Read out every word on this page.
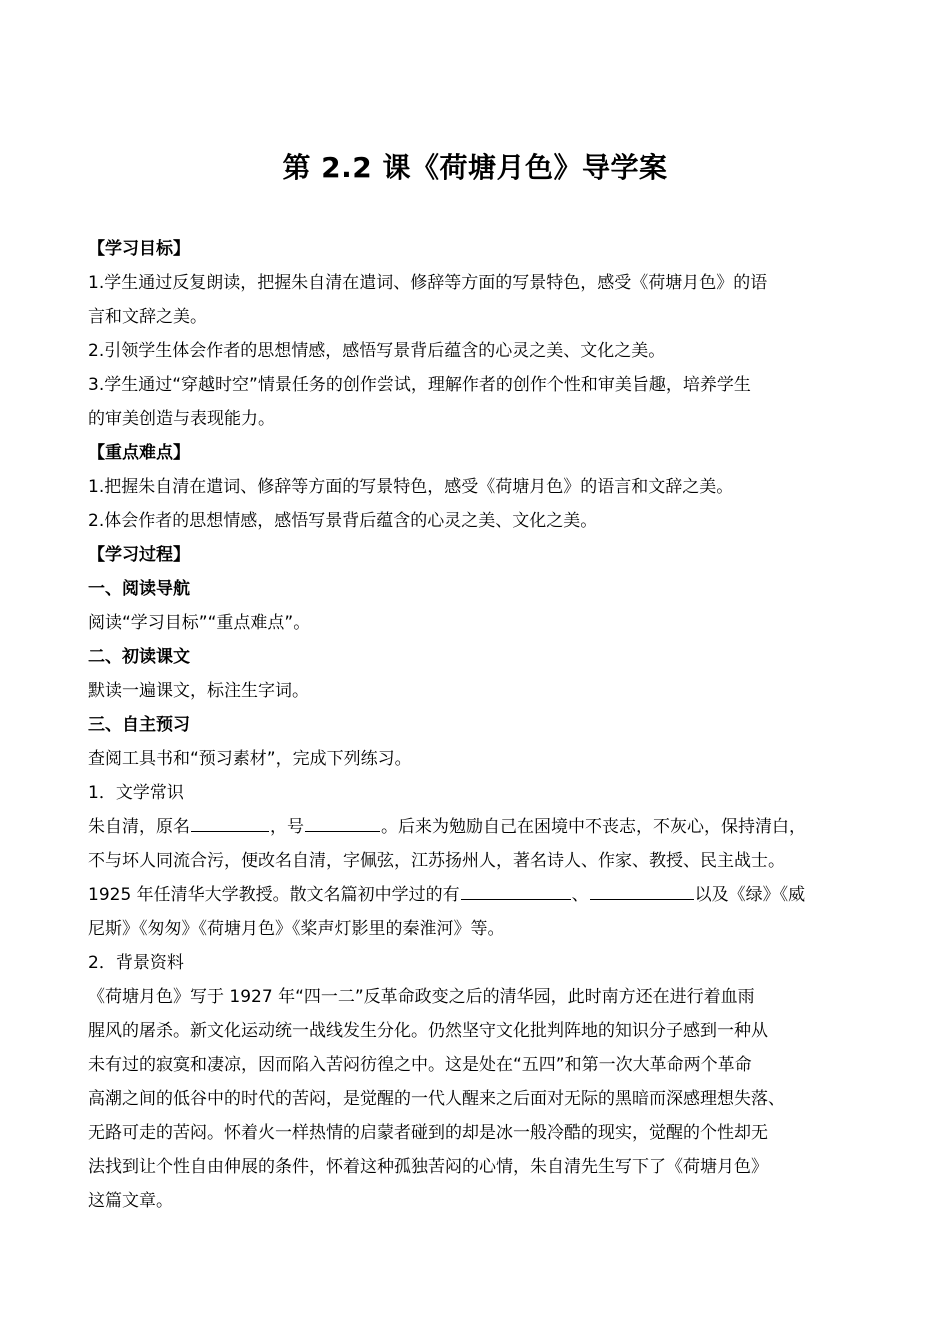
第 2.2 课《荷塘月色》导学案
【学习目标】
1.学生通过反复朗读，把握朱自清在遣词、修辞等方面的写景特色，感受《荷塘月色》的语
言和文辞之美。
2.引领学生体会作者的思想情感，感悟写景背后蕴含的心灵之美、文化之美。
3.学生通过“穿越时空”情景任务的创作尝试，理解作者的创作个性和审美旨趣，培养学生
的审美创造与表现能力。
【重点难点】
1.把握朱自清在遣词、修辞等方面的写景特色，感受《荷塘月色》的语言和文辞之美。
2.体会作者的思想情感，感悟写景背后蕴含的心灵之美、文化之美。
【学习过程】
一、阅读导航
阅读“学习目标”“重点难点”。
二、初读课文
默读一遍课文，标注生字词。
三、自主预习
查阅工具书和“预习素材”，完成下列练习。
1．文学常识
朱自清，原名	，号	。后来为勉励自己在困境中不丧志，不灰心，保持清白，
不与坏人同流合污，便改名自清，字佩弦，江苏扬州人，著名诗人、作家、教授、民主战士。
1925 年任清华大学教授。散文名篇初中学过的有	、	以及《绿》《威
尼斯》《匆匆》《荷塘月色》《桨声灯影里的秦淮河》等。
2．背景资料
《荷塘月色》写于 1927 年“四一二”反革命政变之后的清华园，此时南方还在进行着血雨
腥风的屠杀。新文化运动统一战线发生分化。仍然坚守文化批判阵地的知识分子感到一种从
未有过的寂寞和凄凉，因而陷入苦闷彷徨之中。这是处在“五四”和第一次大革命两个革命
高潮之间的低谷中的时代的苦闷，是觉醒的一代人醒来之后面对无际的黑暗而深感理想失落、
无路可走的苦闷。怀着火一样热情的启蒙者碰到的却是冰一般冷酷的现实，觉醒的个性却无
法找到让个性自由伸展的条件，怀着这种孤独苦闷的心情，朱自清先生写下了《荷塘月色》
这篇文章。
